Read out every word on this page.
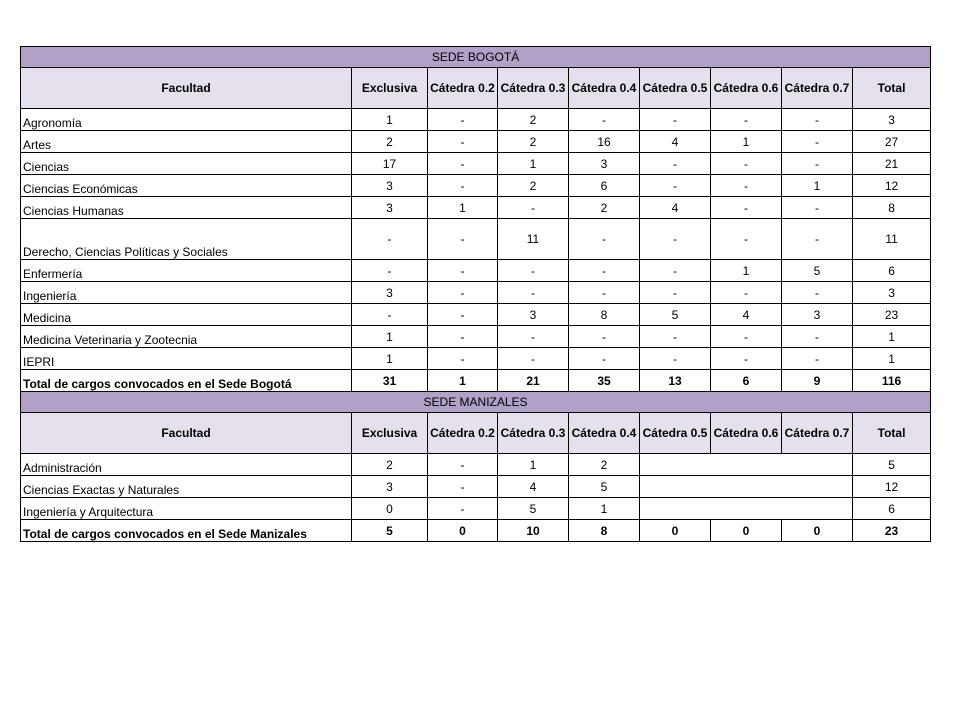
SEDE BOGOTÁ								
Facultad	Exclusiva	Cátedra 0.2	Cátedra 0.3	Cátedra 0.4	Cátedra 0.5	Cátedra 0.6	Cátedra 0.7	Total
Agronomía	1	-	2	-	-	-	-	3
Artes	2	-	2	16	4	1	-	27
Ciencias	17	-	1	3	-	-	-	21
Ciencias Económicas	3	-	2	6	-	-	1	12
Ciencias Humanas	3	1	-	2	4	-	-	8
Derecho, Ciencias Políticas y Sociales	-	-	11	-	-	-	-	11
Enfermería	-	-	-	-	-	1	5	6
Ingeniería	3	-	-	-	-	-	-	3
Medicina	-	-	3	8	5	4	3	23
Medicina Veterinaria y Zootecnia	1	-	-	-	-	-	-	1
IEPRI	1	-	-	-	-	-	-	1
Total de cargos convocados en el Sede Bogotá	31	1	21	35	13	6	9	116
SEDE MANIZALES								
Facultad	Exclusiva	Cátedra 0.2	Cátedra 0.3	Cátedra 0.4	Cátedra 0.5	Cátedra 0.6	Cátedra 0.7	Total
Administración	2	-	1	2				5
Ciencias Exactas y Naturales	3	-	4	5				12
Ingeniería y Arquitectura	0	-	5	1				6
Total de cargos convocados en el Sede Manizales	5	0	10	8	0	0	0	23
